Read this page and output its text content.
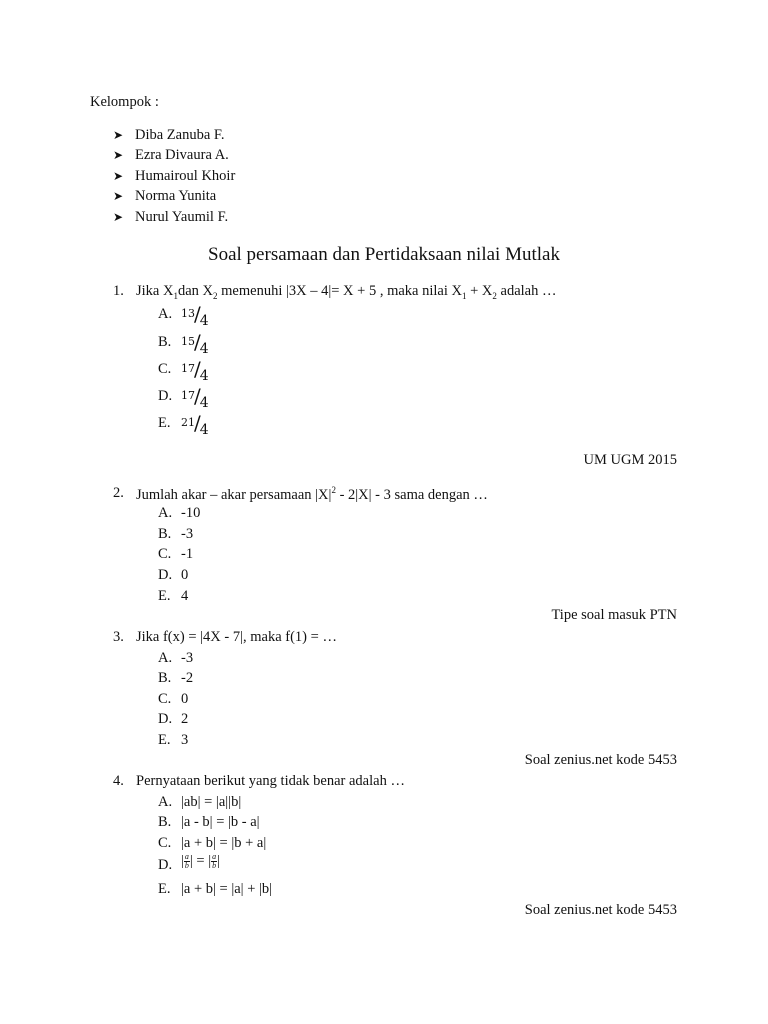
Kelompok :
➤ Diba Zanuba F.
➤ Ezra Divaura A.
➤ Humairoul Khoir
➤ Norma Yunita
➤ Nurul Yaumil F.
Soal persamaan dan Pertidaksaan nilai Mutlak
1. Jika $X_1dan$ $X_2$ memenuhi |3X – 4|= X + 5 , maka nilai $X_1 + X_2$ adalah …
A. $^{13}/_4$
B. $^{15}/_4$
C. $^{17}/_4$
D. $^{17}/_4$
E. $^{21}/_4$
UM UGM 2015
2. Jumlah akar – akar persamaan $|X|^2 - 2|X| - 3$ sama dengan …
A. -10
B. -3
C. -1
D. 0
E. 4
Tipe soal masuk PTN
3. Jika f(x) = |4X - 7|, maka f(1) = …
A. -3
B. -2
C. 0
D. 2
E. 3
Soal zenius.net kode 5453
4. Pernyataan berikut yang tidak benar adalah …
A. |ab| = |a||b|
B. |a - b| = |b - a|
C. |a + b| = |b + a|
D. | $\frac{a}{b}$ | = | $\frac{a}{b}$ |
E. |a + b| = |a| + |b|
Soal zenius.net kode 5453
